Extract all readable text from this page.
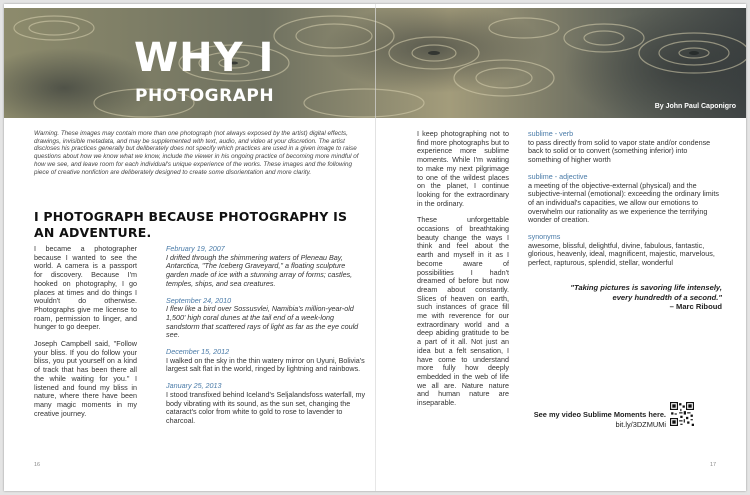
WHY I
PHOTOGRAPH
By John Paul Caponigro
Warning. These images may contain more than one photograph (not always exposed by the artist) digital effects, drawings, invisible metadata, and may be supplemented with text, audio, and video at your discretion. The artist discloses his practices generally but deliberately does not specify which practices are used in a given image to raise questions about how we know what we know, include the viewer in his ongoing practice of becoming more mindful of how we see, and leave room for each individual's unique experience of the works. These images and the following piece of creative nonfiction are deliberately designed to create some disorientation and more clarity.
I PHOTOGRAPH BECAUSE PHOTOGRAPHY IS AN ADVENTURE.

I became a photographer because I wanted to see the world. A camera is a passport for discovery. Because I'm hooked on photography, I go places at times and do things I wouldn't do otherwise. Photographs give me license to roam, permission to linger, and hunger to go deeper.

Joseph Campbell said, "Follow your bliss. If you do follow your bliss, you put yourself on a kind of track that has been there all the while waiting for you." I listened and found my bliss in nature, where there have been many magic moments in my creative journey.

February 19, 2007
I drifted through the shimmering waters of Pleneau Bay, Antarctica, "The Iceberg Graveyard," a floating sculpture garden made of ice with a stunning array of forms; castles, temples, ships, and sea creatures.
September 24, 2010
I flew like a bird over Sossusvlei, Namibia's million-year-old 1,500' high coral dunes at the tail end of a week-long sandstorm that scattered rays of light as far as the eye could see.
December 15, 2012
I walked on the sky in the thin watery mirror on Uyuni, Bolivia's largest salt flat in the world, ringed by lightning and rainbows.
January 25, 2013
I stood transfixed behind Iceland's Seljalandsfoss waterfall, my body vibrating with its sound, as the sun set, changing the cataract's color from white to gold to rose to lavender to charcoal.

I keep photographing not to find more photographs but to experience more sublime moments. While I'm waiting to make my next pilgrimage to one of the wildest places on the planet, I continue looking for the extraordinary in the ordinary.

These unforgettable occasions of breathtaking beauty change the ways I think and feel about the earth and myself in it as I become aware of possibilities I hadn't dreamed of before but now dream about constantly. Slices of heaven on earth, such instances of grace fill me with reverence for our extraordinary world and a deep abiding gratitude to be a part of it all. Not just an idea but a felt sensation, I have come to understand more fully how deeply embedded in the web of life we all are. Nature nature and human nature are inseparable.

sublime - verb
to pass directly from solid to vapor state and/or condense back to solid or to convert (something inferior) into something of higher worth
sublime - adjective
a meeting of the objective-external (physical) and the subjective-internal (emotional): exceeding the ordinary limits of an individual's capacities, we allow our emotions to overwhelm our rationality as we experience the terrifying wonder of creation.
synonyms
awesome, blissful, delightful, divine, fabulous, fantastic, glorious, heavenly, ideal, magnificent, majestic, marvelous, perfect, rapturous, splendid, stellar, wonderful
"Taking pictures is savoring life intensely,
every hundredth of a second."
– Marc Riboud
See my video Sublime Moments here.
bit.ly/3DZMUMi
16	17
